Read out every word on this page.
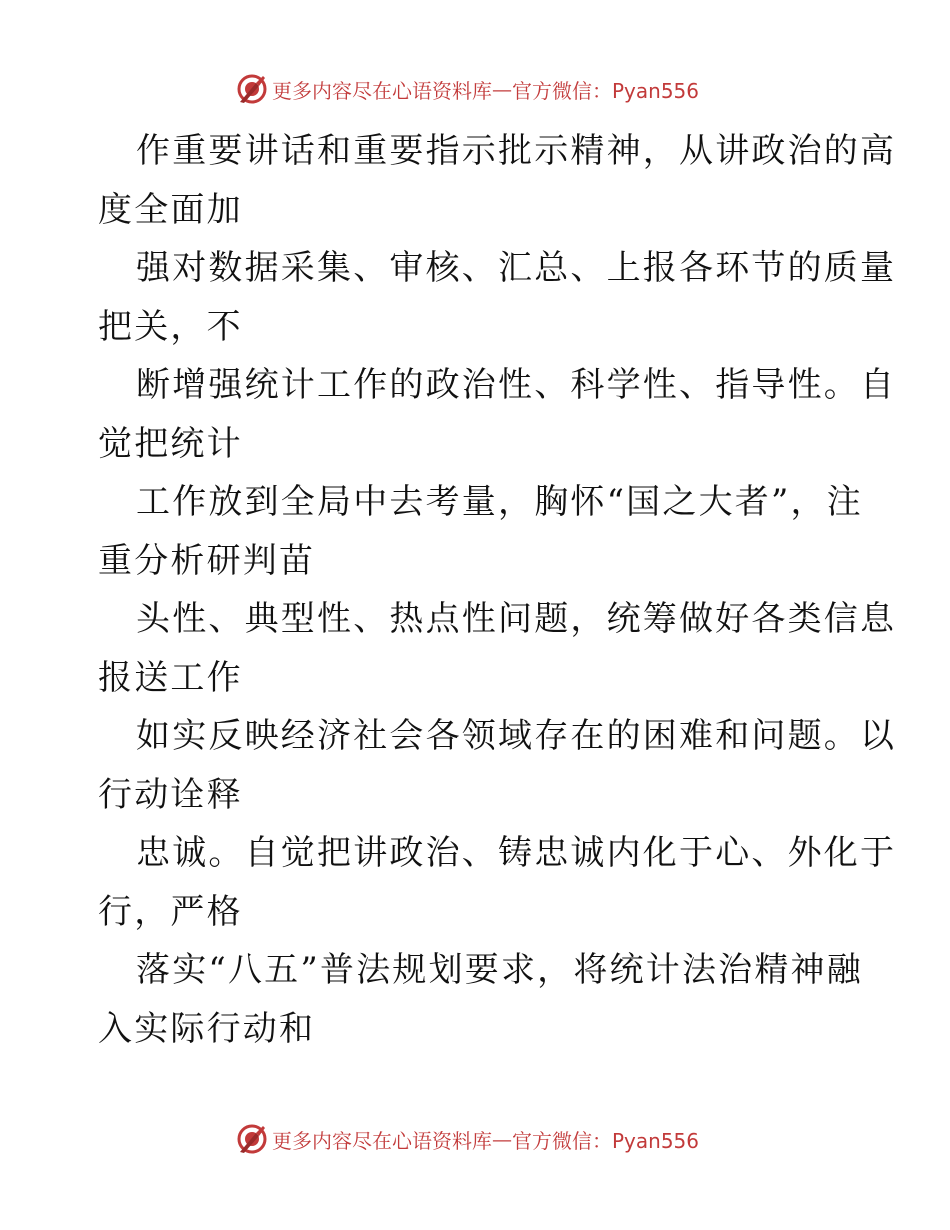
更多内容尽在心语资料库 — 官方微信：Pyan556
作重要讲话和重要指示批示精神，从讲政治的高
度全面加
强对数据采集、审核、汇总、上报各环节的质量
把关，不
断增强统计工作的政治性、科学性、指导性。自
觉把统计
工作放到全局中去考量，胸怀“国之大者”，注
重分析研判苗
头性、典型性、热点性问题，统筹做好各类信息
报送工作
如实反映经济社会各领域存在的困难和问题。以
行动诠释
忠诚。自觉把讲政治、铸忠诚内化于心、外化于
行，严格
落实“八五”普法规划要求，将统计法治精神融
入实际行动和
更多内容尽在心语资料库 — 官方微信：Pyan556
